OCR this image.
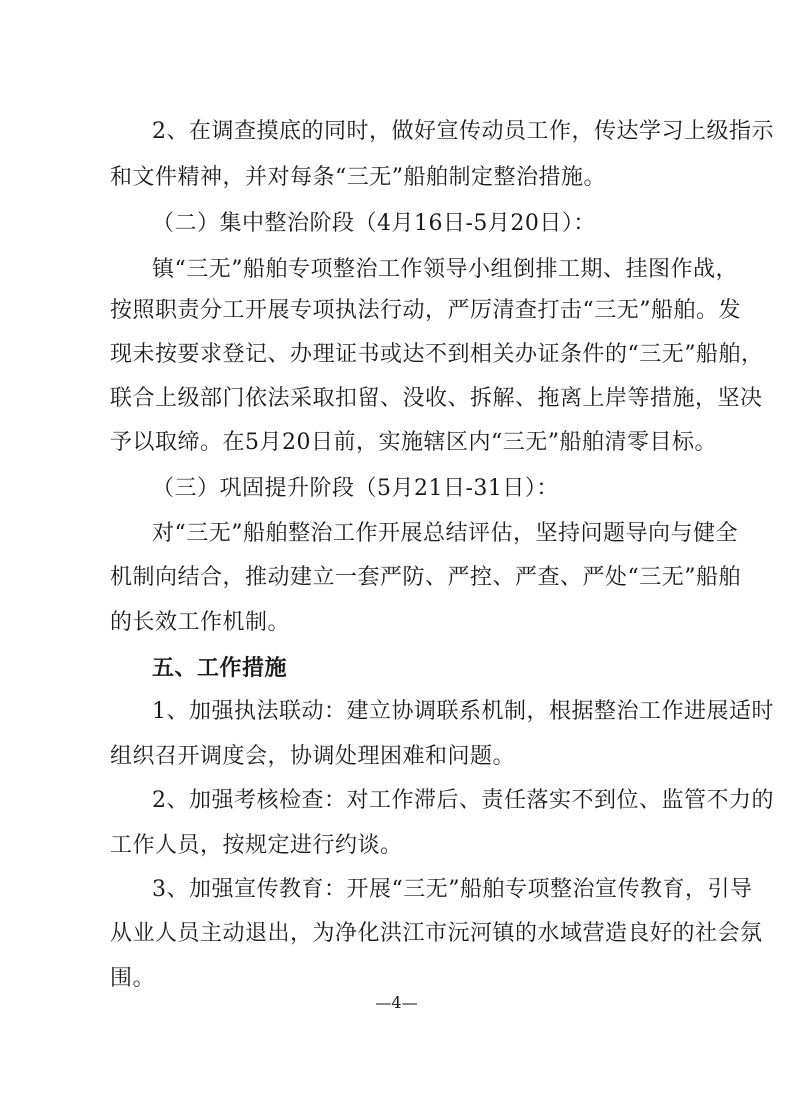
2、在调查摸底的同时，做好宣传动员工作，传达学习上级指示
和文件精神，并对每条“三无”船舶制定整治措施。
（二）集中整治阶段（4月16日-5月20日）：
镇“三无”船舶专项整治工作领导小组倒排工期、挂图作战，
按照职责分工开展专项执法行动，严厉清查打击“三无”船舶。发
现未按要求登记、办理证书或达不到相关办证条件的“三无”船舶，
联合上级部门依法采取扣留、没收、拆解、拖离上岸等措施，坚决
予以取缔。在5月20日前，实施辖区内“三无”船舶清零目标。
（三）巩固提升阶段（5月21日-31日）：
对“三无”船舶整治工作开展总结评估，坚持问题导向与健全
机制向结合，推动建立一套严防、严控、严查、严处“三无”船舶
的长效工作机制。
五、工作措施
1、加强执法联动：建立协调联系机制，根据整治工作进展适时
组织召开调度会，协调处理困难和问题。
2、加强考核检查：对工作滞后、责任落实不到位、监管不力的
工作人员，按规定进行约谈。
3、加强宣传教育：开展“三无”船舶专项整治宣传教育，引导
从业人员主动退出，为净化洪江市沅河镇的水域营造良好的社会氛
围。
—4—
